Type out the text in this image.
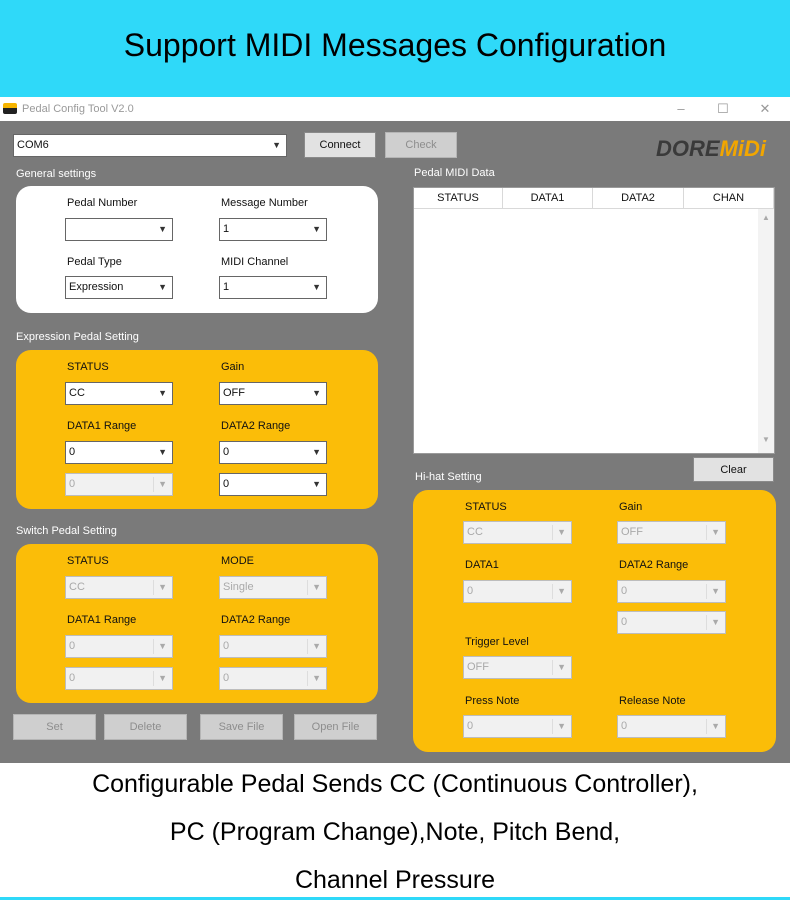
Support MIDI Messages Configuration
Pedal Config Tool V2.0	–	☐	✕
COM6	▼	Connect	Check	DOREMiDi
General settings
Pedal Number
▼
Message Number
1	▼
Pedal Type
Expression	▼
MIDI Channel
1	▼
Expression Pedal Setting
STATUS
CC	▼
Gain
OFF	▼
DATA1 Range
0	▼
0	▼
DATA2 Range
0	▼
0	▼
Switch Pedal Setting
STATUS
CC	▼
MODE
Single	▼
DATA1 Range
0	▼
0	▼
DATA2 Range
0	▼
0	▼
Set	Delete	Save File	Open File
Pedal MIDI Data
STATUS	DATA1	DATA2	CHAN
▲
▼
Clear
Hi-hat Setting
STATUS
CC	▼
Gain
OFF	▼
DATA1
0	▼
DATA2 Range
0	▼
0	▼
Trigger Level
OFF	▼
Press Note
0	▼
Release Note
0	▼
Configurable Pedal Sends CC (Continuous Controller),
PC (Program Change),Note, Pitch Bend,
Channel Pressure
